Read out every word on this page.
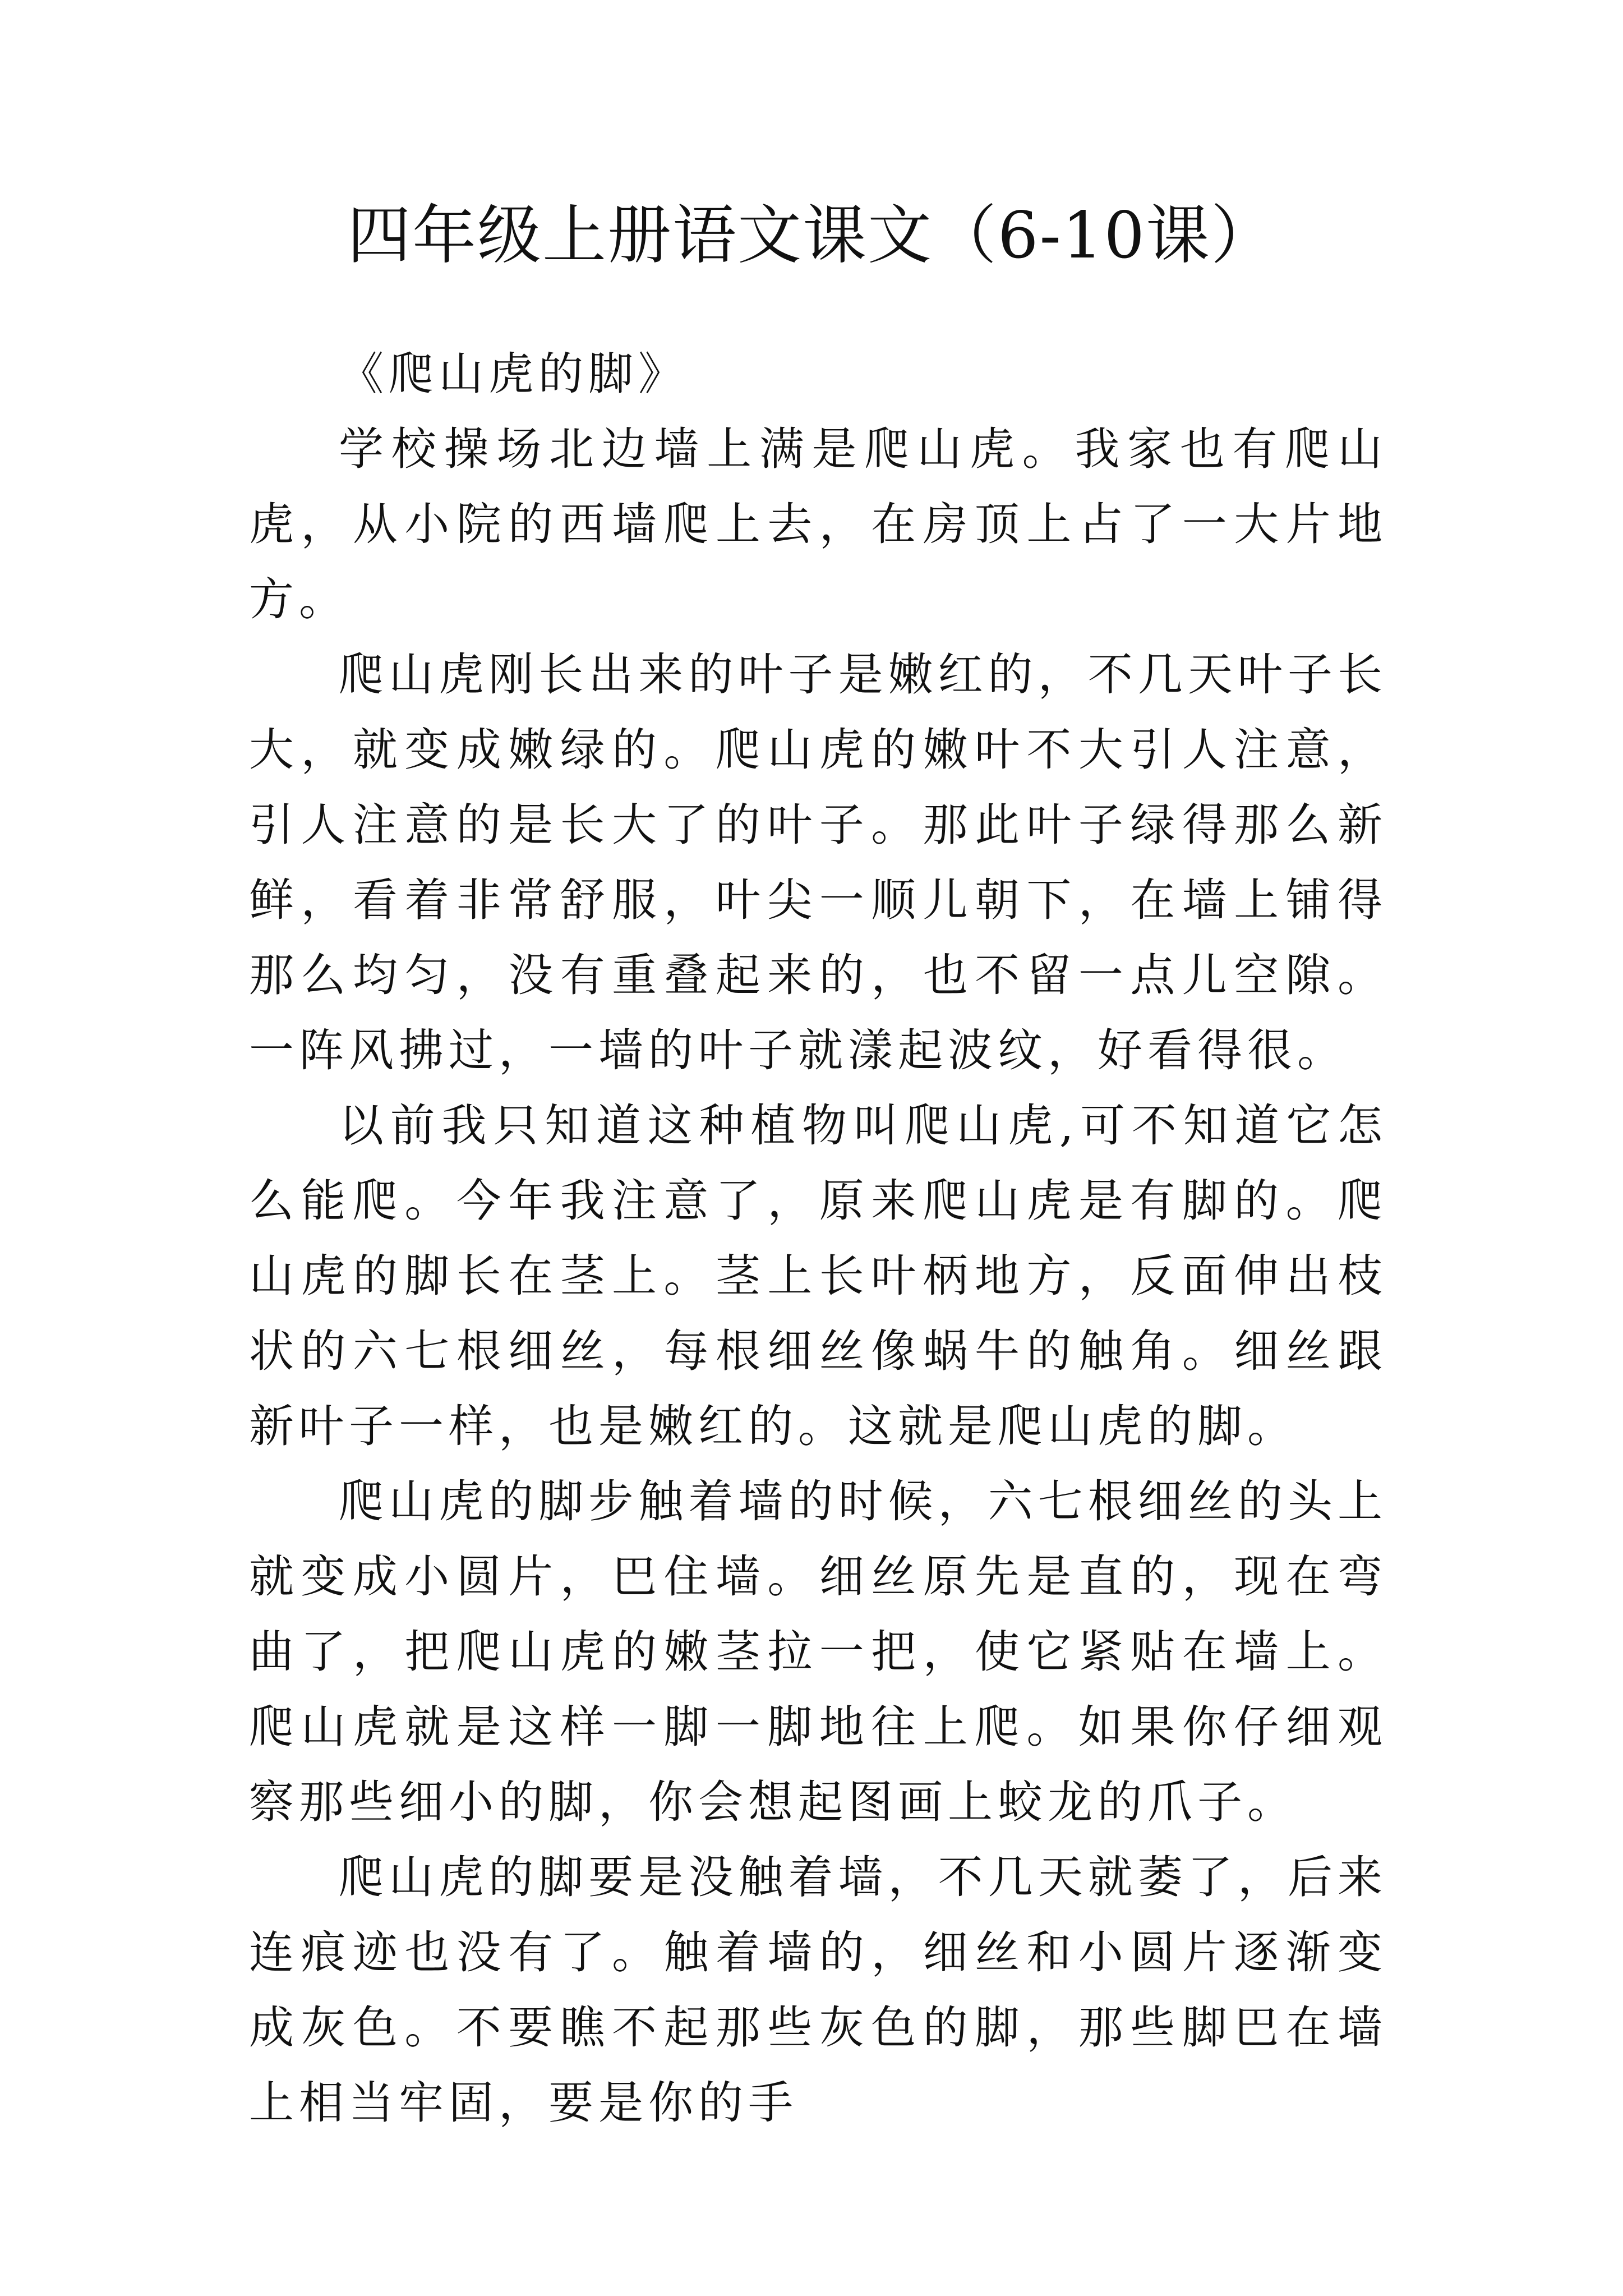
四年级上册语文课文（6-10课）

《爬山虎的脚》

学校操场北边墙上满是爬山虎。我家也有爬山虎，从小院的西墙爬上去，在房顶上占了一大片地方。

爬山虎刚长出来的叶子是嫩红的，不几天叶子长大，就变成嫩绿的。爬山虎的嫩叶不大引人注意，引人注意的是长大了的叶子。那此叶子绿得那么新鲜，看着非常舒服，叶尖一顺儿朝下，在墙上铺得那么均匀，没有重叠起来的，也不留一点儿空隙。一阵风拂过，一墙的叶子就漾起波纹，好看得很。

以前我只知道这种植物叫爬山虎,可不知道它怎么能爬。今年我注意了，原来爬山虎是有脚的。爬山虎的脚长在茎上。茎上长叶柄地方，反面伸出枝状的六七根细丝，每根细丝像蜗牛的触角。细丝跟新叶子一样，也是嫩红的。这就是爬山虎的脚。

爬山虎的脚步触着墙的时候，六七根细丝的头上就变成小圆片，巴住墙。细丝原先是直的，现在弯曲了，把爬山虎的嫩茎拉一把，使它紧贴在墙上。爬山虎就是这样一脚一脚地往上爬。如果你仔细观察那些细小的脚，你会想起图画上蛟龙的爪子。

爬山虎的脚要是没触着墙，不几天就萎了，后来连痕迹也没有了。触着墙的，细丝和小圆片逐渐变成灰色。不要瞧不起那些灰色的脚，那些脚巴在墙上相当牢固，要是你的手
